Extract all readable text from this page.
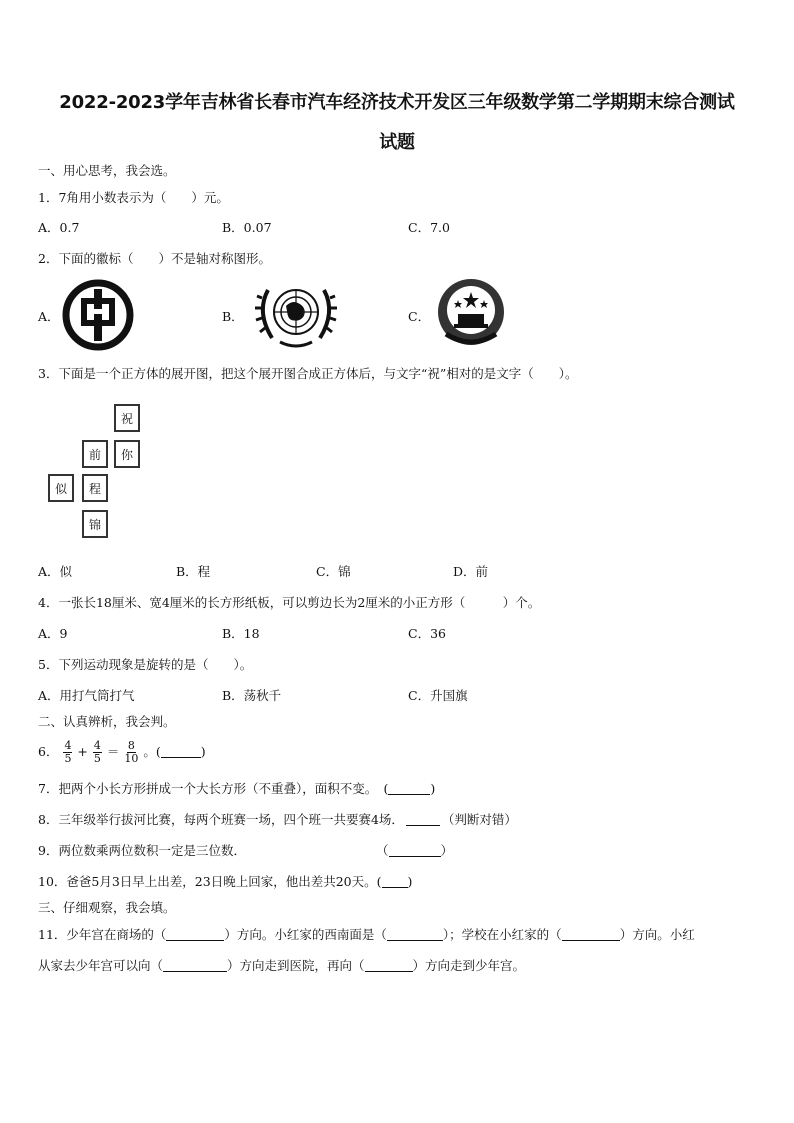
2022-2023学年吉林省长春市汽车经济技术开发区三年级数学第二学期期末综合测试
试题
一、用心思考，我会选。
1．7角用小数表示为（　　）元。
A．0.7	B．0.07	C．7.0
2．下面的徽标（　　）不是轴对称图形。
A．	B．	C．
3．下面是一个正方体的展开图，把这个展开图合成正方体后，与文字“祝”相对的是文字（　　）。
祝
你
前
似	程
锦
A．似	B．程	C．锦	D．前
4．一张长18厘米、宽4厘米的长方形纸板，可以剪边长为2厘米的小正方形（　　　）个。
A．9	B．18	C．36
5．下列运动现象是旋转的是（　　）。
A．用打气筒打气	B．荡秋千	C．升国旗
二、认真辨析，我会判。
6． $\frac{4}{5} + \frac{4}{5} = \frac{8}{10}$ 。(	)
7．把两个小长方形拼成一个大长方形（不重叠），面积不变。　(	)
8．三年级举行拔河比赛，每两个班赛一场，四个班一共要赛4场．	（判断对错）
9．两位数乘两位数积一定是三位数．	（	）
10．爸爸5月3日早上出差，23日晚上回家，他出差共20天。( )
三、仔细观察，我会填。
11．少年宫在商场的（	）方向。小红家的西南面是（	）；学校在小红家的（	）方向。小红
从家去少年宫可以向（	）方向走到医院，再向（	）方向走到少年宫。
